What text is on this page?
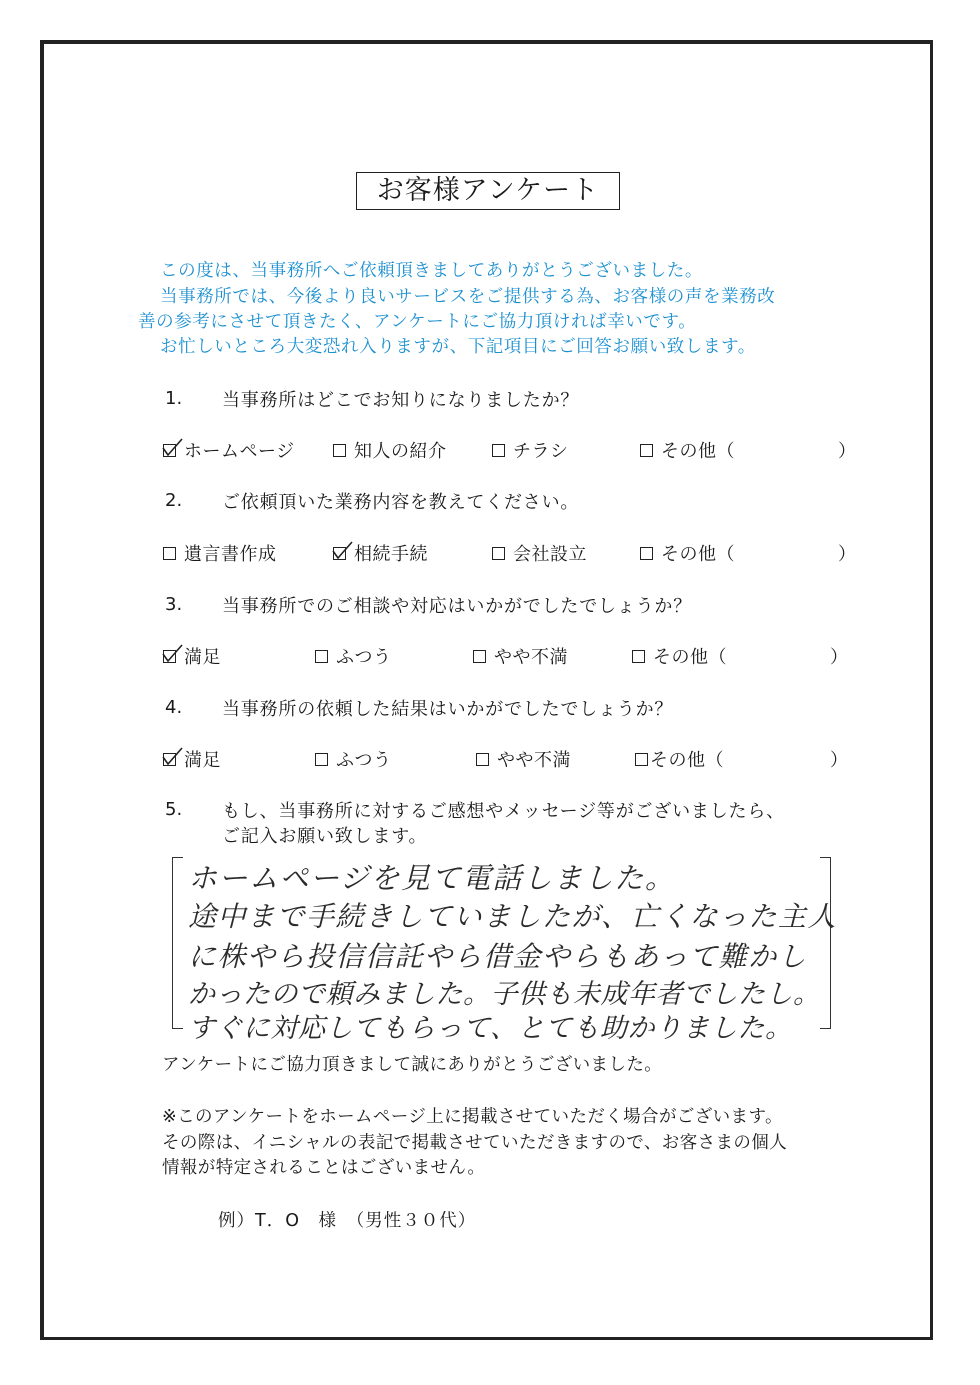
お客様アンケート
この度は、当事務所へご依頼頂きましてありがとうございました。
当事務所では、今後より良いサービスをご提供する為、お客様の声を業務改
善の参考にさせて頂きたく、アンケートにご協力頂ければ幸いです。
お忙しいところ大変恐れ入りますが、下記項目にご回答お願い致します。
1. 当事務所はどこでお知りになりましたか？
ホームページ	知人の紹介	チラシ	その他（	）
2. ご依頼頂いた業務内容を教えてください。
遺言書作成	相続手続	会社設立	その他（	）
3. 当事務所でのご相談や対応はいかがでしたでしょうか？
満足	ふつう	やや不満	その他（	）
4. 当事務所の依頼した結果はいかがでしたでしょうか？
満足	ふつう	やや不満	その他（	）
5. もし、当事務所に対するご感想やメッセージ等がございましたら、
ご記入お願い致します。
ホームページを見て電話しました。
途中まで手続きしていましたが、亡くなった主人
に株やら投信信託やら借金やらもあって難かし
かったので頼みました。子供も未成年者でしたし。
すぐに対応してもらって、とても助かりました。
アンケートにご協力頂きまして誠にありがとうございました。
※このアンケートをホームページ上に掲載させていただく場合がございます。
その際は、イニシャルの表記で掲載させていただきますので、お客さまの個人
情報が特定されることはございません。
例）T．O　様　（男性３０代）
